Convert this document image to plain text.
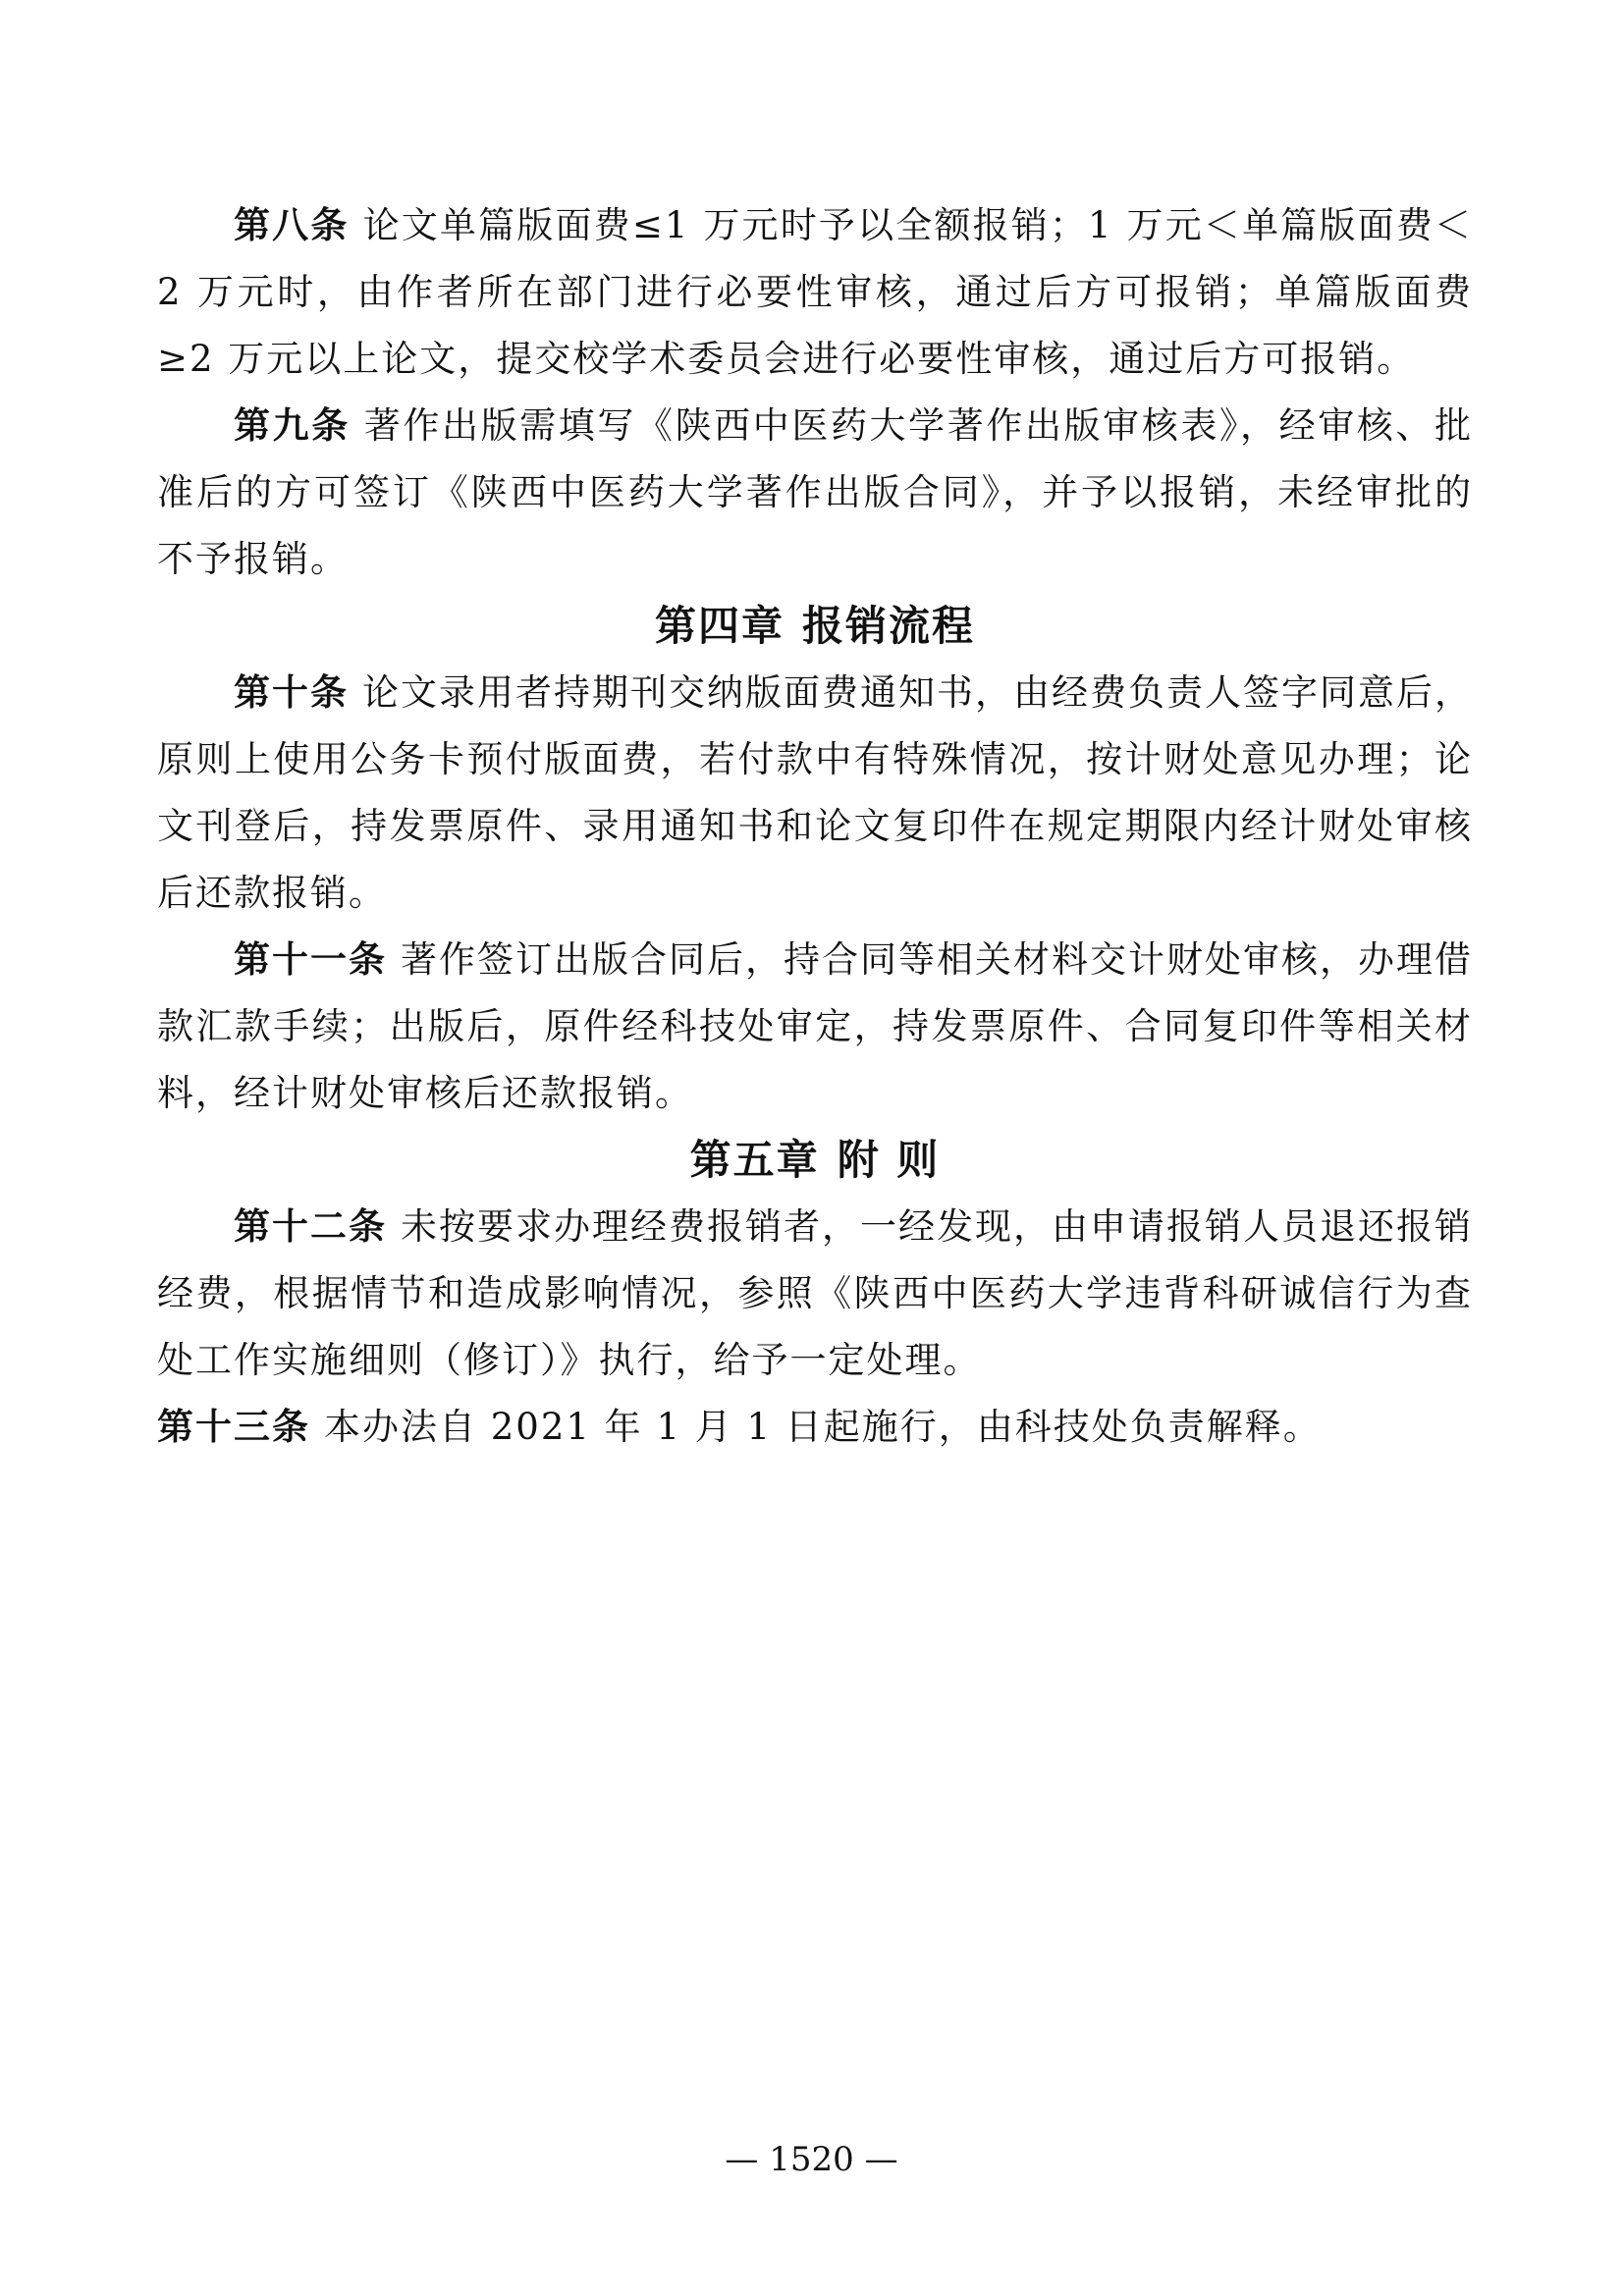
第八条 论文单篇版面费≤1 万元时予以全额报销；1 万元＜单篇版面费＜2 万元时，由作者所在部门进行必要性审核，通过后方可报销；单篇版面费≥2 万元以上论文，提交校学术委员会进行必要性审核，通过后方可报销。

第九条 著作出版需填写《陕西中医药大学著作出版审核表》，经审核、批准后的方可签订《陕西中医药大学著作出版合同》，并予以报销，未经审批的不予报销。

第四章 报销流程

第十条 论文录用者持期刊交纳版面费通知书，由经费负责人签字同意后，原则上使用公务卡预付版面费，若付款中有特殊情况，按计财处意见办理；论文刊登后，持发票原件、录用通知书和论文复印件在规定期限内经计财处审核后还款报销。

第十一条 著作签订出版合同后，持合同等相关材料交计财处审核，办理借款汇款手续；出版后，原件经科技处审定，持发票原件、合同复印件等相关材料，经计财处审核后还款报销。

第五章 附 则

第十二条 未按要求办理经费报销者，一经发现，由申请报销人员退还报销经费，根据情节和造成影响情况，参照《陕西中医药大学违背科研诚信行为查处工作实施细则（修订）》执行，给予一定处理。

第十三条 本办法自 2021 年 1 月 1 日起施行，由科技处负责解释。

— 1520 —
